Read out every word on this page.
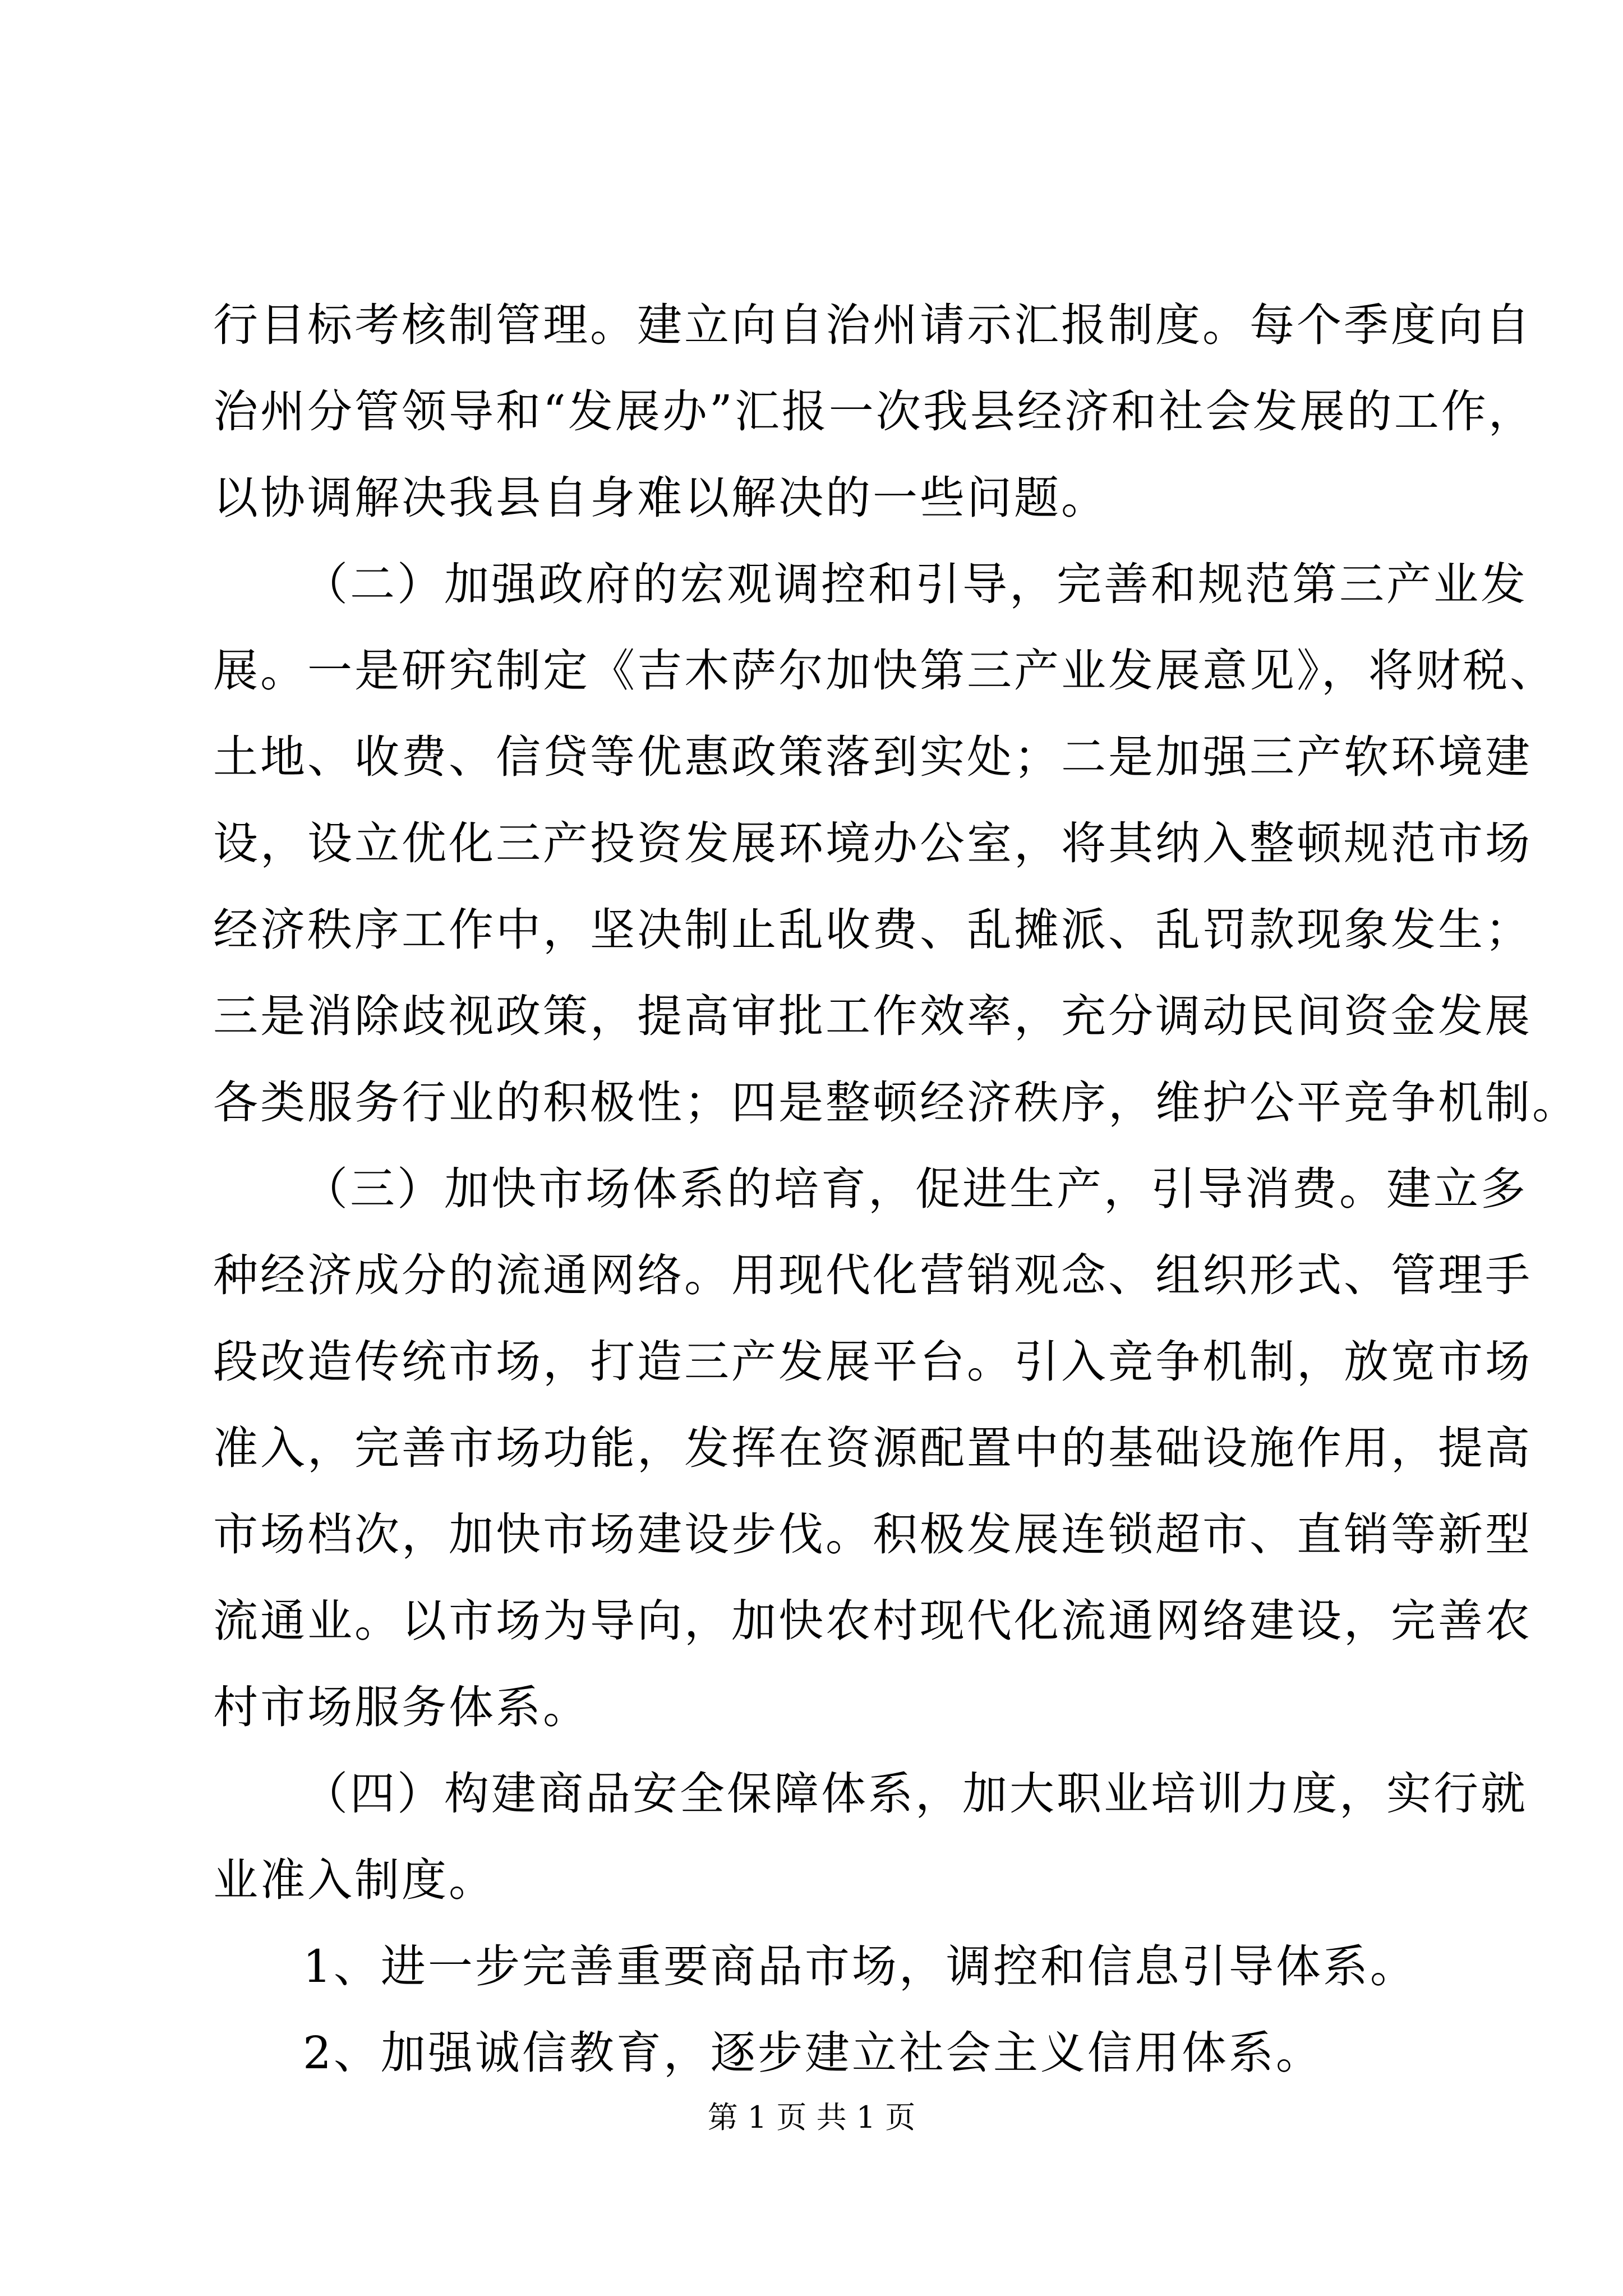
行目标考核制管理。建立向自治州请示汇报制度。每个季度向自
治州分管领导和“发展办”汇报一次我县经济和社会发展的工作，
以协调解决我县自身难以解决的一些问题。
（二）加强政府的宏观调控和引导，完善和规范第三产业发
展。一是研究制定《吉木萨尔加快第三产业发展意见》，将财税、
土地、收费、信贷等优惠政策落到实处；二是加强三产软环境建
设，设立优化三产投资发展环境办公室，将其纳入整顿规范市场
经济秩序工作中，坚决制止乱收费、乱摊派、乱罚款现象发生；
三是消除歧视政策，提高审批工作效率，充分调动民间资金发展
各类服务行业的积极性；四是整顿经济秩序，维护公平竞争机制。
（三）加快市场体系的培育，促进生产，引导消费。建立多
种经济成分的流通网络。用现代化营销观念、组织形式、管理手
段改造传统市场，打造三产发展平台。引入竞争机制，放宽市场
准入，完善市场功能，发挥在资源配置中的基础设施作用，提高
市场档次，加快市场建设步伐。积极发展连锁超市、直销等新型
流通业。以市场为导向，加快农村现代化流通网络建设，完善农
村市场服务体系。
（四）构建商品安全保障体系，加大职业培训力度，实行就
业准入制度。
1、进一步完善重要商品市场，调控和信息引导体系。
2、加强诚信教育，逐步建立社会主义信用体系。
第 1 页 共 1 页
